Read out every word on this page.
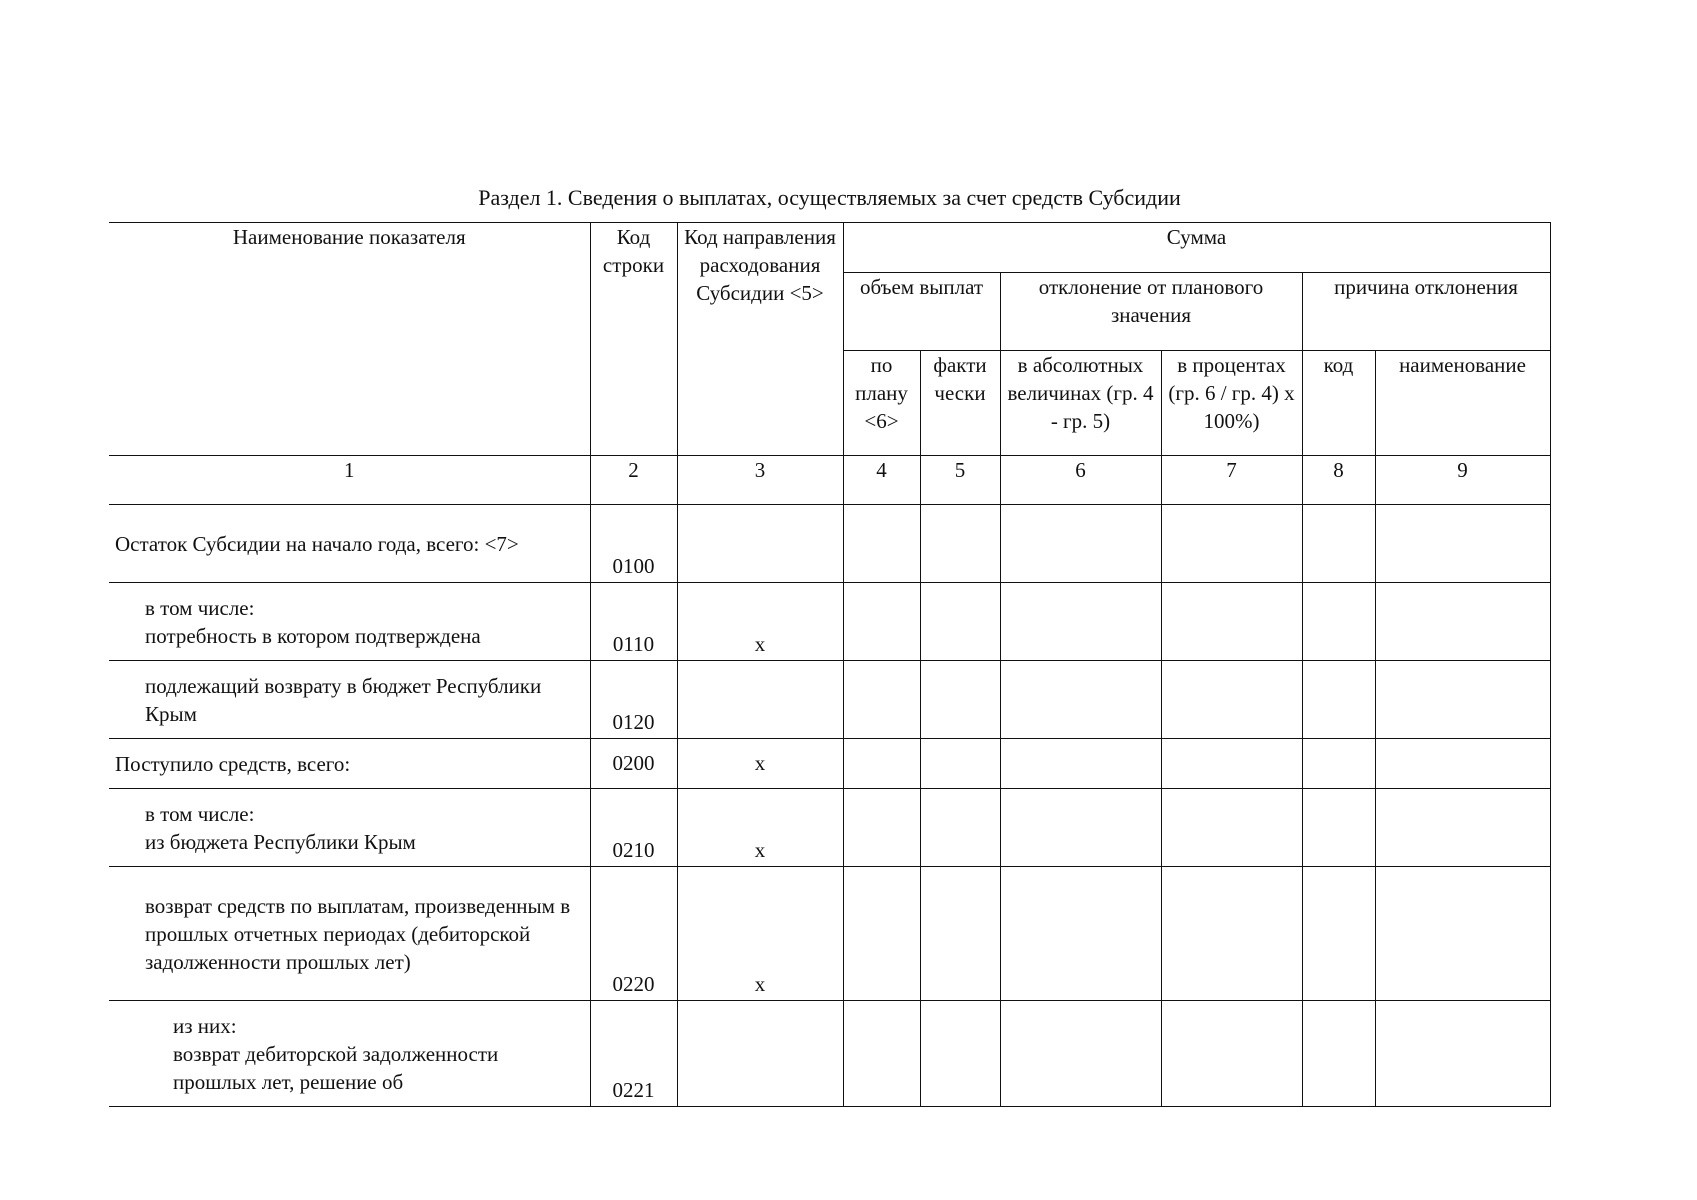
Раздел 1. Сведения о выплатах, осуществляемых за счет средств Субсидии
Наименование показателя	Код строки	Код направления расходования Субсидии <5>	Сумма					
			объем выплат		отклонение от планового значения		причина отклонения	
			по плану <6>	факти чески	в абсолютных величинах (гр. 4 - гр. 5)	в процентах (гр. 6 / гр. 4) x 100%)	код	наименование
1	2	3	4	5	6	7	8	9
Остаток Субсидии на начало года, всего: <7>	0100							
в том числе:
потребность в котором подтверждена	0110	x						
подлежащий возврату в бюджет Республики Крым	0120							
Поступило средств, всего:	0200	x						
в том числе:
из бюджета Республики Крым	0210	x						
возврат средств по выплатам, произведенным в прошлых отчетных периодах (дебиторской задолженности прошлых лет)	0220	x						
из них:
возврат дебиторской задолженности прошлых лет, решение об	0221							
